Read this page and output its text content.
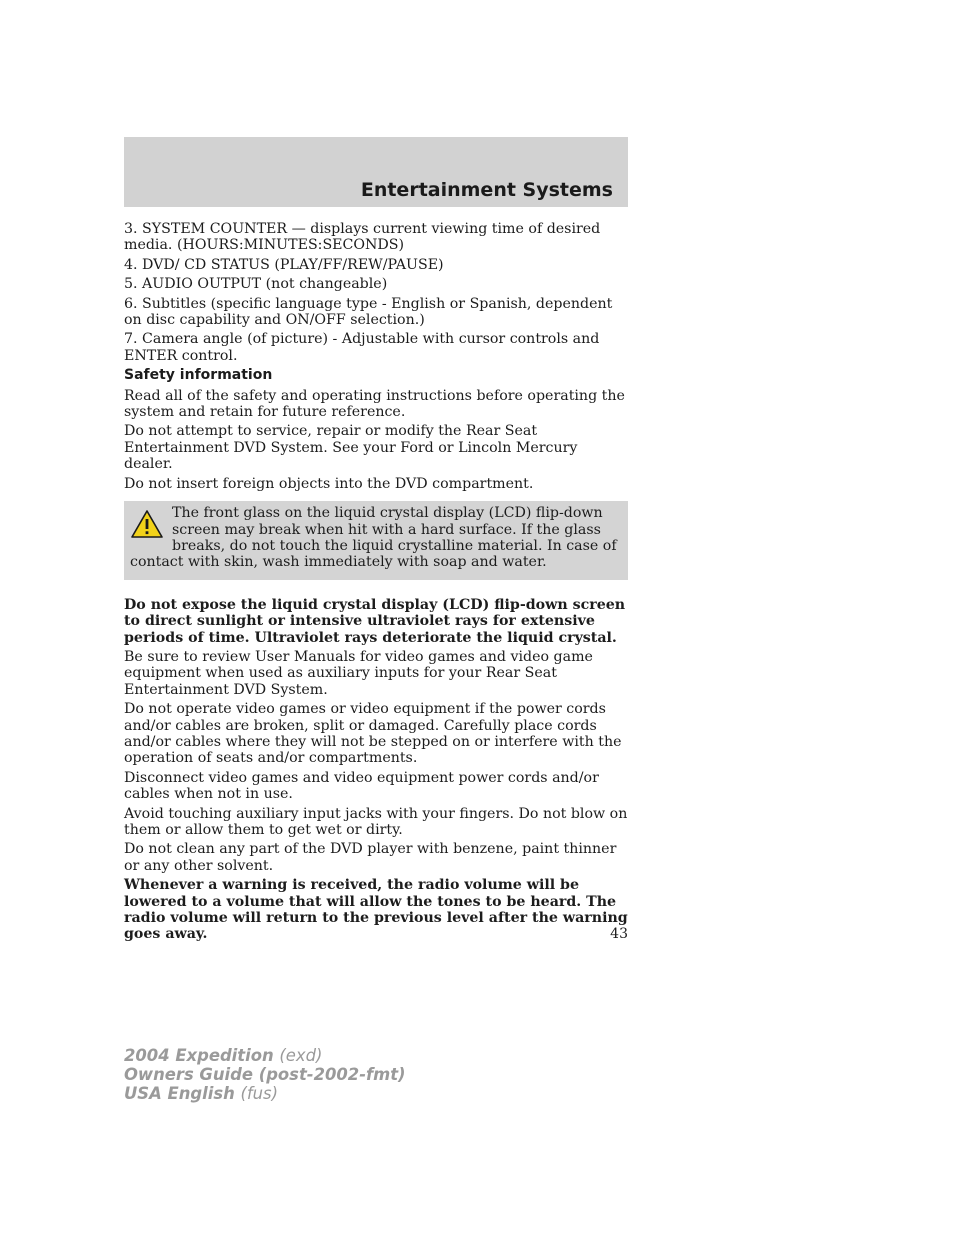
Entertainment Systems

3. SYSTEM COUNTER — displays current viewing time of desired media. (HOURS:MINUTES:SECONDS)

4. DVD/ CD STATUS (PLAY/FF/REW/PAUSE)

5. AUDIO OUTPUT (not changeable)

6. Subtitles (specific language type - English or Spanish, dependent on disc capability and ON/OFF selection.)

7. Camera angle (of picture) - Adjustable with cursor controls and ENTER control.

Safety information

Read all of the safety and operating instructions before operating the system and retain for future reference.

Do not attempt to service, repair or modify the Rear Seat Entertainment DVD System. See your Ford or Lincoln Mercury dealer.

Do not insert foreign objects into the DVD compartment.

The front glass on the liquid crystal display (LCD) flip-down screen may break when hit with a hard surface. If the glass breaks, do not touch the liquid crystalline material. In case of contact with skin, wash immediately with soap and water.

Do not expose the liquid crystal display (LCD) flip-down screen to direct sunlight or intensive ultraviolet rays for extensive periods of time. Ultraviolet rays deteriorate the liquid crystal.

Be sure to review User Manuals for video games and video game equipment when used as auxiliary inputs for your Rear Seat Entertainment DVD System.

Do not operate video games or video equipment if the power cords and/or cables are broken, split or damaged. Carefully place cords and/or cables where they will not be stepped on or interfere with the operation of seats and/or compartments.

Disconnect video games and video equipment power cords and/or cables when not in use.

Avoid touching auxiliary input jacks with your fingers. Do not blow on them or allow them to get wet or dirty.

Do not clean any part of the DVD player with benzene, paint thinner or any other solvent.

Whenever a warning is received, the radio volume will be lowered to a volume that will allow the tones to be heard. The radio volume will return to the previous level after the warning goes away.	43
2004 Expedition (exd)
Owners Guide (post-2002-fmt)
USA English (fus)
